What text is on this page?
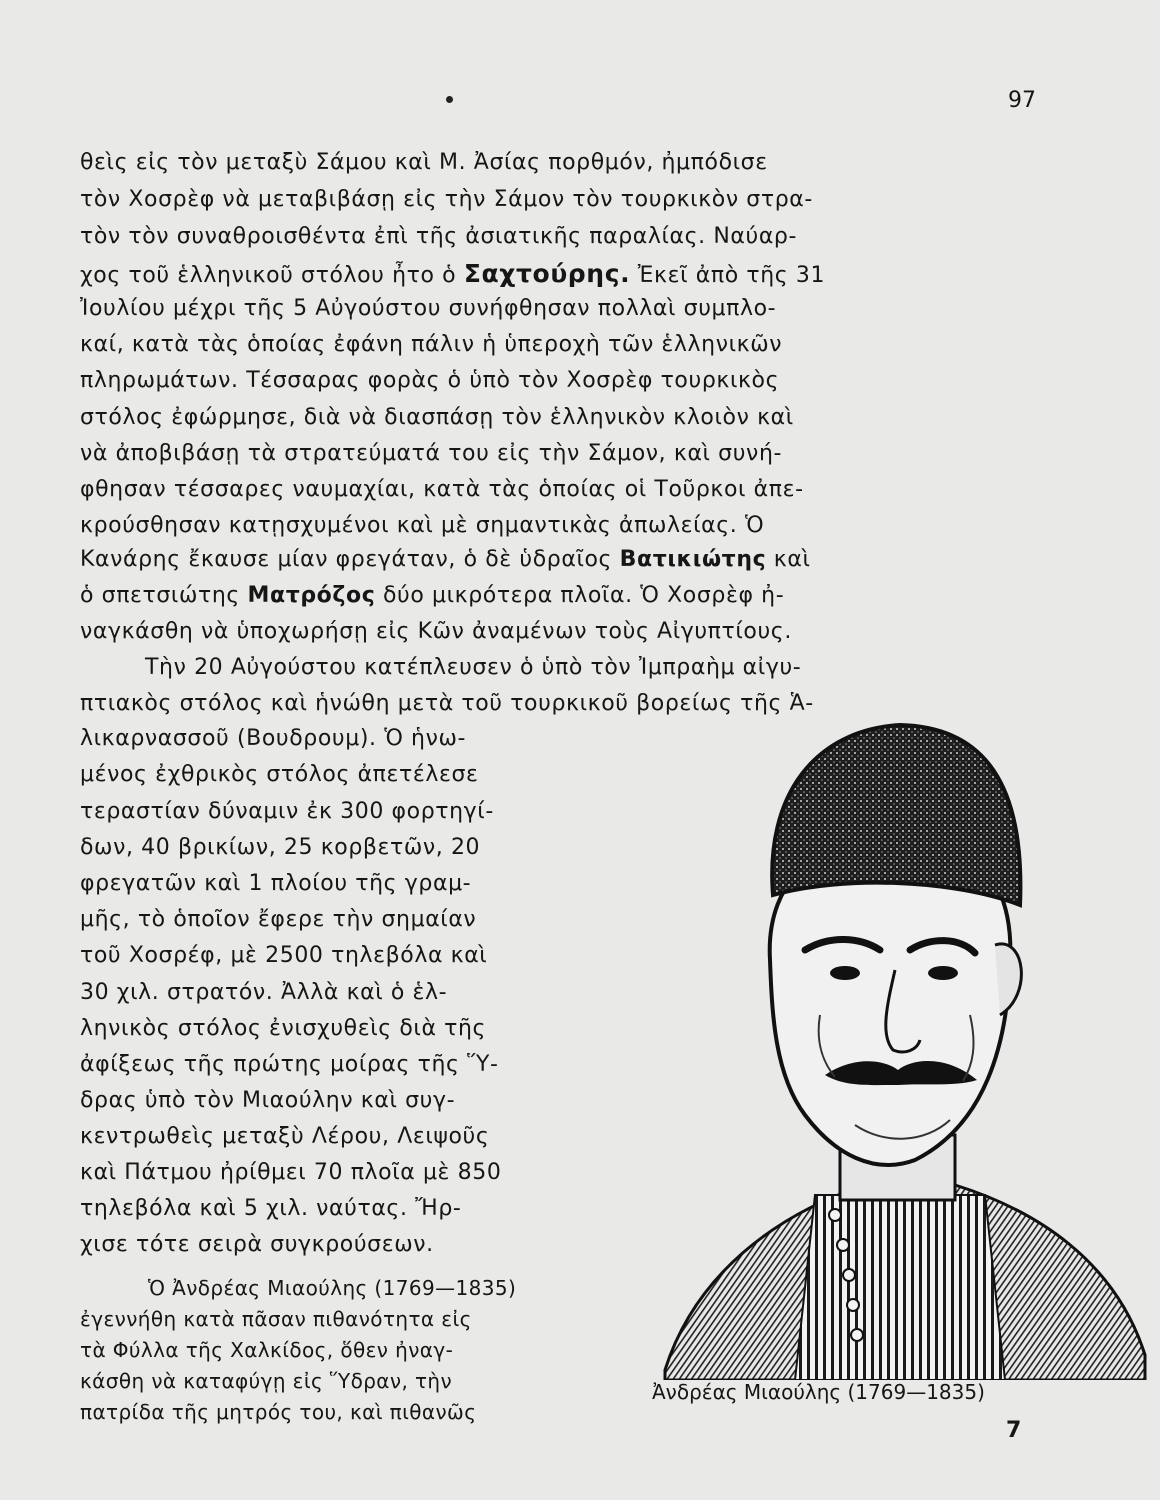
97
θεὶς εἰς τὸν μεταξὺ Σάμου καὶ Μ. Ἀσίας πορθμόν, ἠμπόδισε
τὸν Χοσρὲφ νὰ μεταβιβάσῃ εἰς τὴν Σάμον τὸν τουρκικὸν στρα-
τὸν τὸν συναθροισθέντα ἐπὶ τῆς ἀσιατικῆς παραλίας. Ναύαρ-
χος τοῦ ἑλληνικοῦ στόλου ἦτο ὁ Σαχτούρης. Ἐκεῖ ἀπὸ τῆς 31
Ἰουλίου μέχρι τῆς 5 Αὐγούστου συνήφθησαν πολλαὶ συμπλο-
καί, κατὰ τὰς ὁποίας ἐφάνη πάλιν ἡ ὑπεροχὴ τῶν ἑλληνικῶν
πληρωμάτων. Τέσσαρας φορὰς ὁ ὑπὸ τὸν Χοσρὲφ τουρκικὸς
στόλος ἐφώρμησε, διὰ νὰ διασπάσῃ τὸν ἑλληνικὸν κλοιὸν καὶ
νὰ ἀποβιβάσῃ τὰ στρατεύματά του εἰς τὴν Σάμον, καὶ συνή-
φθησαν τέσσαρες ναυμαχίαι, κατὰ τὰς ὁποίας οἱ Τοῦρκοι ἀπε-
κρούσθησαν κατῃσχυμένοι καὶ μὲ σημαντικὰς ἀπωλείας. Ὁ
Κανάρης ἔκαυσε μίαν φρεγάταν, ὁ δὲ ὑδραῖος Βατικιώτης καὶ
ὁ σπετσιώτης Ματρόζος δύο μικρότερα πλοῖα. Ὁ Χοσρὲφ ἠ-
ναγκάσθη νὰ ὑποχωρήσῃ εἰς Κῶν ἀναμένων τοὺς Αἰγυπτίους.
Τὴν 20 Αὐγούστου κατέπλευσεν ὁ ὑπὸ τὸν Ἰμπραὴμ αἰγυ-
πτιακὸς στόλος καὶ ἡνώθη μετὰ τοῦ τουρκικοῦ βορείως τῆς Ἁ-
λικαρνασσοῦ (Βουδρουμ). Ὁ ἡνω-
μένος ἐχθρικὸς στόλος ἀπετέλεσε
τεραστίαν δύναμιν ἐκ 300 φορτηγί-
δων, 40 βρικίων, 25 κορβετῶν, 20
φρεγατῶν καὶ 1 πλοίου τῆς γραμ-
μῆς, τὸ ὁποῖον ἔφερε τὴν σημαίαν
τοῦ Χοσρέφ, μὲ 2500 τηλεβόλα καὶ
30 χιλ. στρατόν. Ἀλλὰ καὶ ὁ ἑλ-
ληνικὸς στόλος ἐνισχυθεὶς διὰ τῆς
ἀφίξεως τῆς πρώτης μοίρας τῆς Ὕ-
δρας ὑπὸ τὸν Μιαούλην καὶ συγ-
κεντρωθεὶς μεταξὺ Λέρου, Λειψοῦς
καὶ Πάτμου ἠρίθμει 70 πλοῖα μὲ 850
τηλεβόλα καὶ 5 χιλ. ναύτας. Ἤρ-
χισε τότε σειρὰ συγκρούσεων.
Ὁ Ἀνδρέας Μιαούλης (1769—1835)
ἐγεννήθη κατὰ πᾶσαν πιθανότητα εἰς
τὰ Φύλλα τῆς Χαλκίδος, ὅθεν ἠναγ-
κάσθη νὰ καταφύγῃ εἰς Ὕδραν, τὴν
πατρίδα τῆς μητρός του, καὶ πιθανῶς
Ἀνδρέας Μιαούλης (1769—1835)
7
